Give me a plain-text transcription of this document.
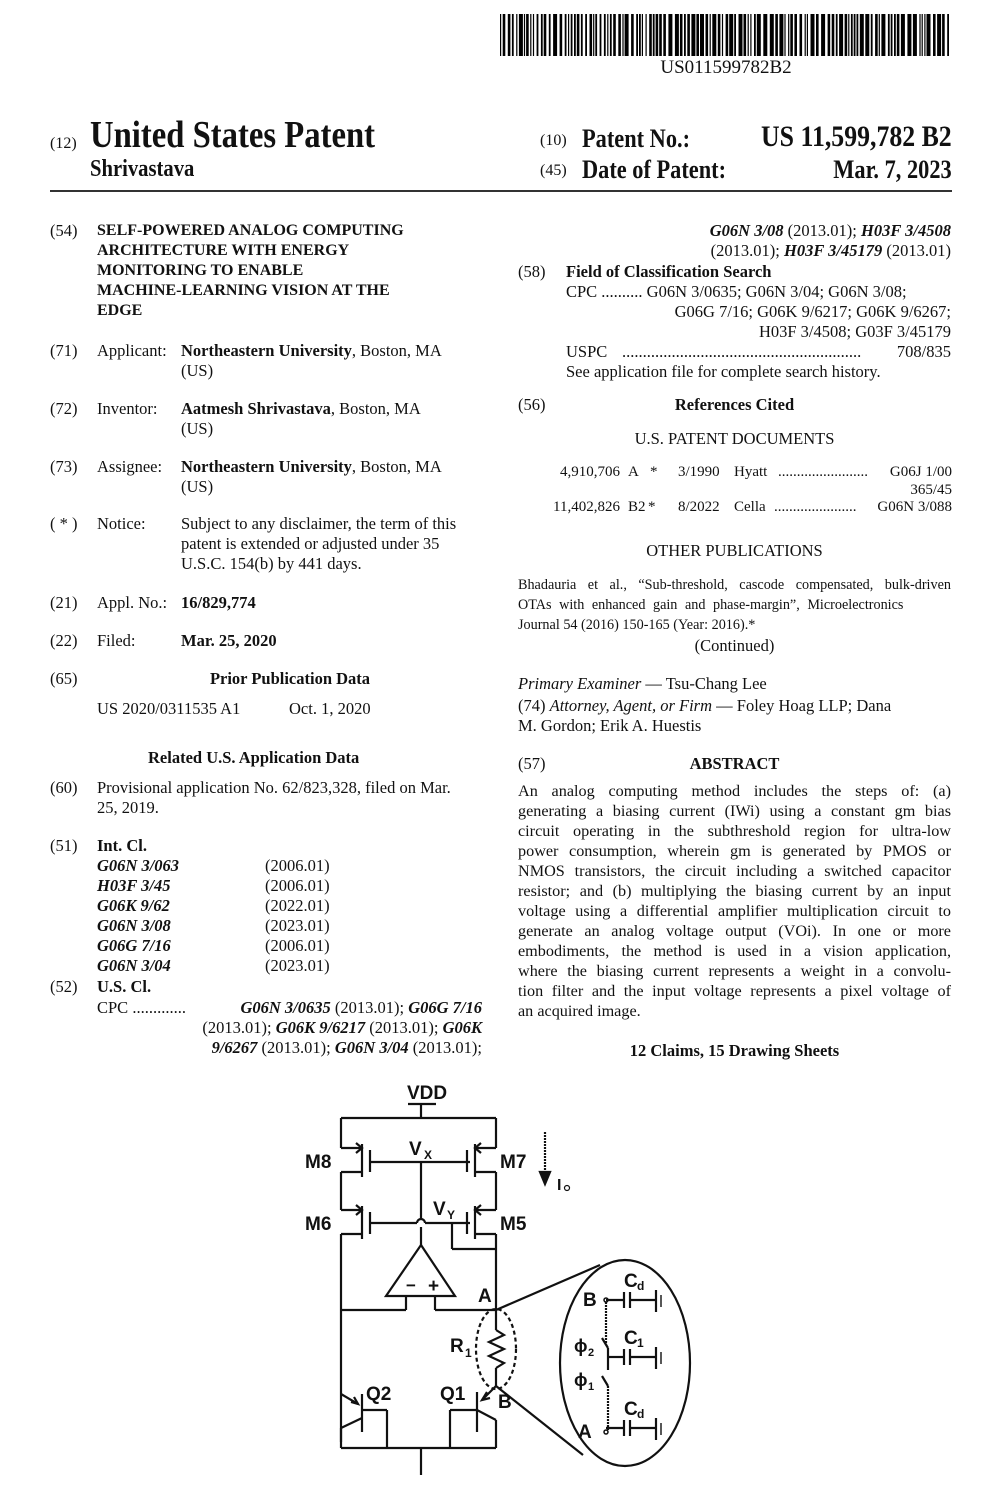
US011599782B2
(12) United States Patent
Shrivastava
(10) Patent No.: US 11,599,782 B2
(45) Date of Patent:	Mar. 7, 2023
(54) SELF-POWERED ANALOG COMPUTING
ARCHITECTURE WITH ENERGY
MONITORING TO ENABLE
MACHINE-LEARNING VISION AT THE
EDGE
(71) Applicant: Northeastern University, Boston, MA
(US)
(72) Inventor: Aatmesh Shrivastava, Boston, MA
(US)
(73) Assignee: Northeastern University, Boston, MA
(US)
( * ) Notice: Subject to any disclaimer, the term of this
patent is extended or adjusted under 35
U.S.C. 154(b) by 441 days.
(21) Appl. No.: 16/829,774
(22) Filed:	Mar. 25, 2020
(65)	Prior Publication Data
US 2020/0311535 A1	Oct. 1, 2020
Related U.S. Application Data
(60) Provisional application No. 62/823,328, filed on Mar.
25, 2019.
(51) Int. Cl.
G06N 3/063	(2006.01)
H03F 3/45	(2006.01)
G06K 9/62	(2022.01)
G06N 3/08	(2023.01)
G06G 7/16	(2006.01)
G06N 3/04	(2023.01)
(52) U.S. Cl.
CPC .............	G06N 3/0635 (2013.01); G06G 7/16
(2013.01); G06K 9/6217 (2013.01); G06K
9/6267 (2013.01); G06N 3/04 (2013.01);
G06N 3/08 (2013.01); H03F 3/4508
(2013.01); H03F 3/45179 (2013.01)
(58) Field of Classification Search
CPC .......... G06N 3/0635; G06N 3/04; G06N 3/08;
G06G 7/16; G06K 9/6217; G06K 9/6267;
H03F 3/4508; G03F 3/45179
USPC ..........................................................	708/835
See application file for complete search history.
(56)	References Cited
U.S. PATENT DOCUMENTS
4,910,706 A * 3/1990 Hyatt ........................ G06J 1/00
365/45
11,402,826 B2 * 8/2022 Cella ...................... G06N 3/088
OTHER PUBLICATIONS
Bhadauria et al., “Sub-threshold, cascode compensated, bulk-driven
OTAs with enhanced gain and phase-margin”, Microelectronics
Journal 54 (2016) 150-165 (Year: 2016).*
(Continued)
Primary Examiner — Tsu-Chang Lee
(74) Attorney, Agent, or Firm — Foley Hoag LLP; Dana
M. Gordon; Erik A. Huestis
(57)	ABSTRACT
An analog computing method includes the steps of: (a)
generating a biasing current (IWi) using a constant gm bias
circuit operating in the subthreshold region for ultra-low
power consumption, wherein gm is generated by PMOS or
NMOS transistors, the circuit including a switched capacitor
resistor; and (b) multiplying the biasing current by an input
voltage using a differential amplifier multiplication circuit to
generate an analog voltage output (VOi). In one or more
embodiments, the method is used in a vision application,
where the biasing current represents a weight in a convolu-
tion filter and the input voltage represents a pixel voltage of
an acquired image.
12 Claims, 15 Drawing Sheets
VDD
M8	M7
M6	M5
V X
V Y
I
− + A
B
R 1
Q2	Q1
B
A
C d
C 1
C d
ϕ 2
ϕ 1
